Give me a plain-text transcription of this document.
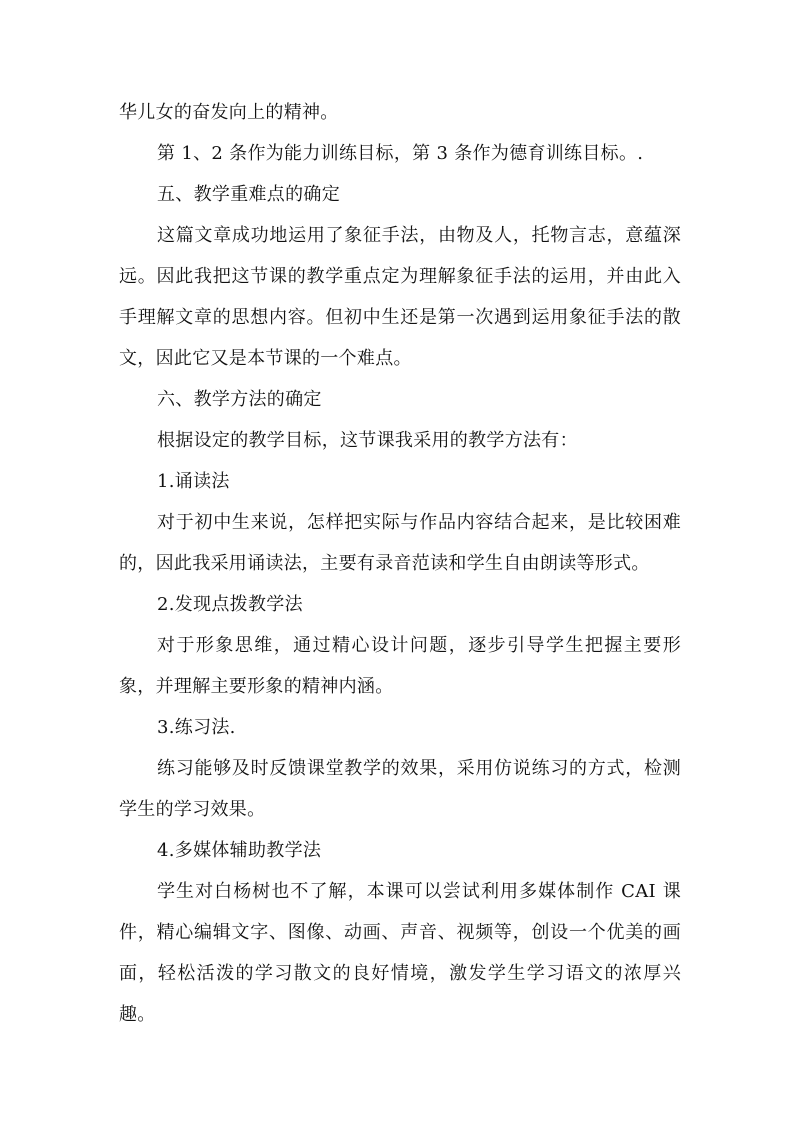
华儿女的奋发向上的精神。

第 1、2 条作为能力训练目标，第 3 条作为德育训练目标。.

五、教学重难点的确定

这篇文章成功地运用了象征手法，由物及人，托物言志，意蕴深远。因此我把这节课的教学重点定为理解象征手法的运用，并由此入手理解文章的思想内容。但初中生还是第一次遇到运用象征手法的散文，因此它又是本节课的一个难点。

六、教学方法的确定

根据设定的教学目标，这节课我采用的教学方法有：

1.诵读法

对于初中生来说，怎样把实际与作品内容结合起来，是比较困难的，因此我采用诵读法，主要有录音范读和学生自由朗读等形式。

2.发现点拨教学法

对于形象思维，通过精心设计问题，逐步引导学生把握主要形象，并理解主要形象的精神内涵。

3.练习法.

练习能够及时反馈课堂教学的效果，采用仿说练习的方式，检测学生的学习效果。

4.多媒体辅助教学法

学生对白杨树也不了解，本课可以尝试利用多媒体制作 CAI 课件，精心编辑文字、图像、动画、声音、视频等，创设一个优美的画面，轻松活泼的学习散文的良好情境，激发学生学习语文的浓厚兴趣。
